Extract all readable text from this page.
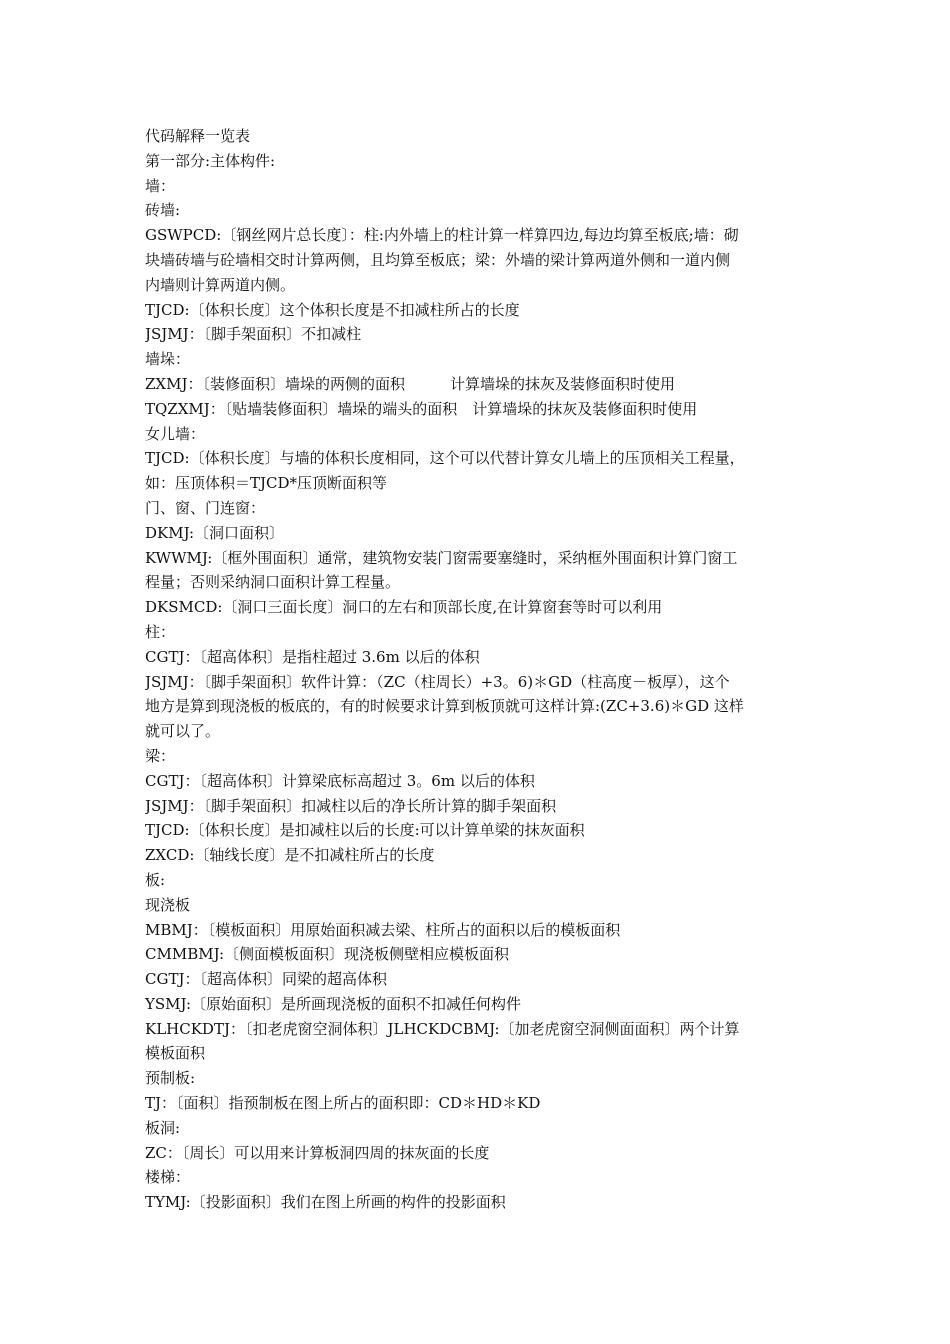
代码解释一览表

第一部分:主体构件:

墙：

砖墙:

GSWPCD:〔钢丝网片总长度〕：柱:内外墙上的柱计算一样算四边,每边均算至板底;墙：砌

块墙砖墙与砼墙相交时计算两侧，且均算至板底；梁：外墙的梁计算两道外侧和一道内侧

内墙则计算两道内侧。

TJCD:〔体积长度〕这个体积长度是不扣减柱所占的长度

JSJMJ：〔脚手架面积〕不扣减柱

墙垛：

ZXMJ：〔装修面积〕墙垛的两侧的面积　　　计算墙垛的抹灰及装修面积时使用

TQZXMJ：〔贴墙装修面积〕墙垛的端头的面积　计算墙垛的抹灰及装修面积时使用

女儿墙：

TJCD:〔体积长度〕与墙的体积长度相同，这个可以代替计算女儿墙上的压顶相关工程量，

如：压顶体积＝TJCD*压顶断面积等

门、窗、门连窗：

DKMJ:〔洞口面积〕

KWWMJ:〔框外围面积〕通常，建筑物安装门窗需要塞缝时，采纳框外围面积计算门窗工

程量；否则采纳洞口面积计算工程量。

DKSMCD:〔洞口三面长度〕洞口的左右和顶部长度,在计算窗套等时可以利用

柱：

CGTJ：〔超高体积〕是指柱超过 3.6m 以后的体积

JSJMJ：〔脚手架面积〕软件计算：（ZC（柱周长）+3。6)＊GD（柱高度－板厚），这个

地方是算到现浇板的板底的，有的时候要求计算到板顶就可这样计算:(ZC+3.6)＊GD 这样

就可以了。

梁：

CGTJ：〔超高体积〕计算梁底标高超过 3。6m 以后的体积

JSJMJ：〔脚手架面积〕扣减柱以后的净长所计算的脚手架面积

TJCD:〔体积长度〕是扣减柱以后的长度:可以计算单梁的抹灰面积

ZXCD:〔轴线长度〕是不扣减柱所占的长度

板:

现浇板

MBMJ：〔模板面积〕用原始面积减去梁、柱所占的面积以后的模板面积

CMMBMJ:〔侧面模板面积〕现浇板侧壁相应模板面积

CGTJ：〔超高体积〕同梁的超高体积

YSMJ:〔原始面积〕是所画现浇板的面积不扣减任何构件

KLHCKDTJ：〔扣老虎窗空洞体积〕JLHCKDCBMJ:〔加老虎窗空洞侧面面积〕两个计算

模板面积

预制板:

TJ：〔面积〕指预制板在图上所占的面积即：CD＊HD＊KD

板洞:

ZC：〔周长〕可以用来计算板洞四周的抹灰面的长度

楼梯：

TYMJ:〔投影面积〕我们在图上所画的构件的投影面积
